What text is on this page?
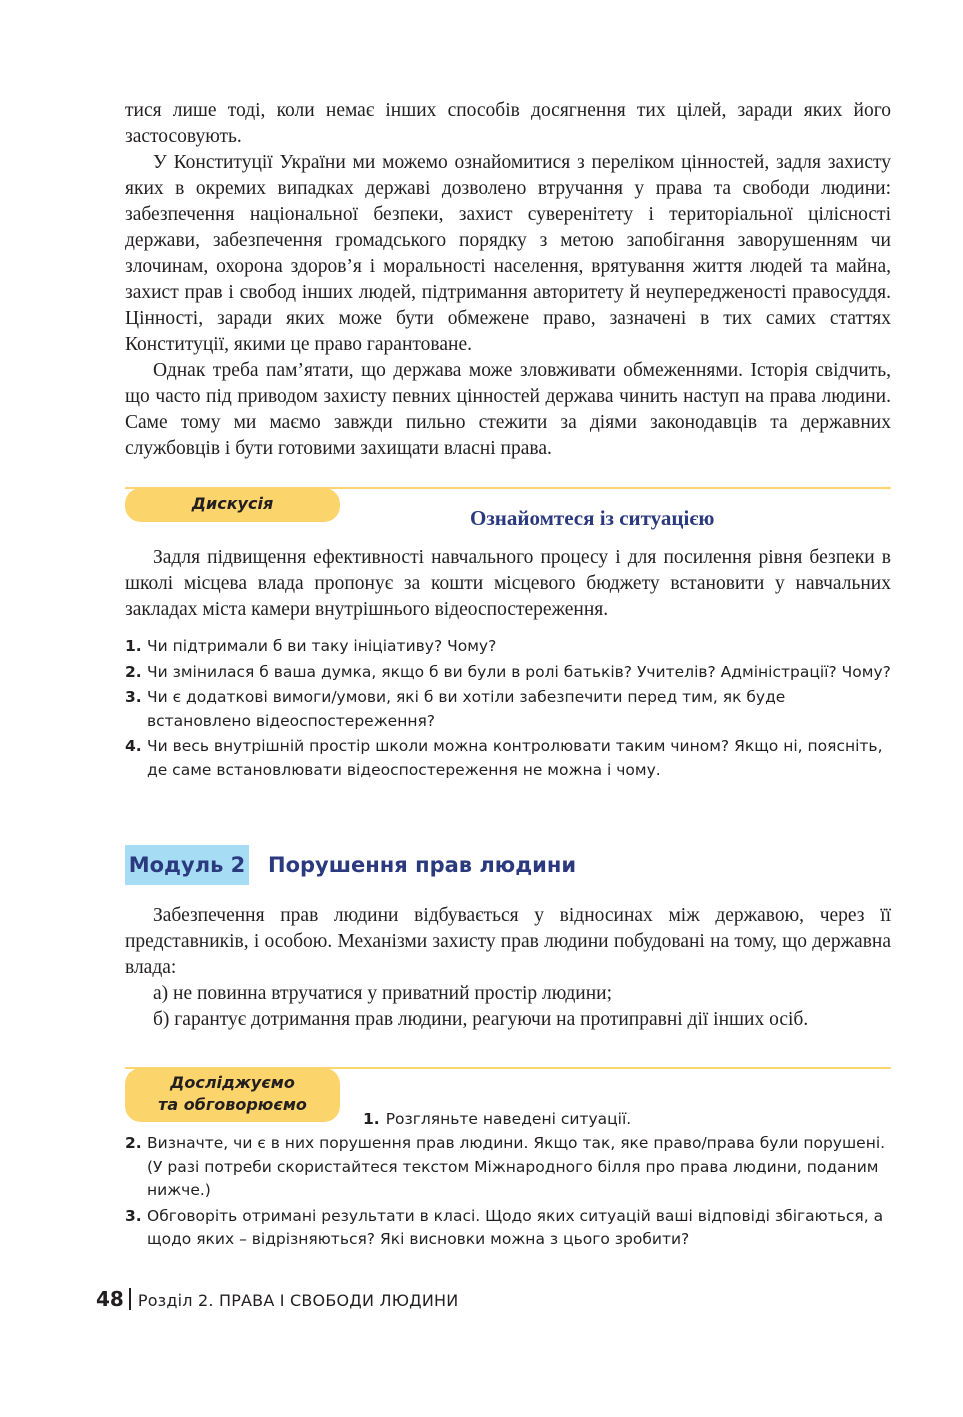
тися лише тоді, коли немає інших способів досягнення тих цілей, заради яких його застосовують.

У Конституції України ми можемо ознайомитися з переліком цінностей, задля захисту яких в окремих випадках державі дозволено втручання у права та свободи людини: забезпечення національної безпеки, захист суверенітету і територіальної цілісності держави, забезпечення громадського порядку з метою запобігання заворушенням чи злочинам, охорона здоров’я і моральності населення, врятування життя людей та майна, захист прав і свобод інших людей, підтримання авторитету й неупередженості правосуддя. Цінності, заради яких може бути обмежене право, зазначені в тих самих статтях Конституції, якими це право гарантоване.

Однак треба пам’ятати, що держава може зловживати обмеженнями. Історія свідчить, що часто під приводом захисту певних цінностей держава чинить наступ на права людини. Саме тому ми маємо завжди пильно стежити за діями законодавців та державних службовців і бути готовими захищати власні права.

Дискусія
Ознайомтеся із ситуацією

Задля підвищення ефективності навчального процесу і для посилення рівня безпеки в школі місцева влада пропонує за кошти місцевого бюджету встановити у навчальних закладах міста камери внутрішнього відеоспостереження.

1. Чи підтримали б ви таку ініціативу? Чому?
2. Чи змінилася б ваша думка, якщо б ви були в ролі батьків? Учителів? Адміністрації? Чому?
3. Чи є додаткові вимоги/умови, які б ви хотіли забезпечити перед тим, як буде встановлено відеоспостереження?
4. Чи весь внутрішній простір школи можна контролювати таким чином? Якщо ні, поясніть, де саме встановлювати відеоспостереження не можна і чому.
Модуль 2 Порушення прав людини

Забезпечення прав людини відбувається у відносинах між державою, через її представників, і особою. Механізми захисту прав людини побудовані на тому, що державна влада:

а) не повинна втручатися у приватний простір людини;

б) гарантує дотримання прав людини, реагуючи на протиправні дії інших осіб.

Досліджуємо
та обговорюємо
1. Розгляньте наведені ситуації.
2. Визначте, чи є в них порушення прав людини. Якщо так, яке право/права були порушені. (У разі потреби скористайтеся текстом Міжнародного білля про права людини, поданим нижче.)
3. Обговоріть отримані результати в класі. Щодо яких ситуацій ваші відповіді збігаються, а щодо яких – відрізняються? Які висновки можна з цього зробити?
48 Розділ 2. ПРАВА І СВОБОДИ ЛЮДИНИ
